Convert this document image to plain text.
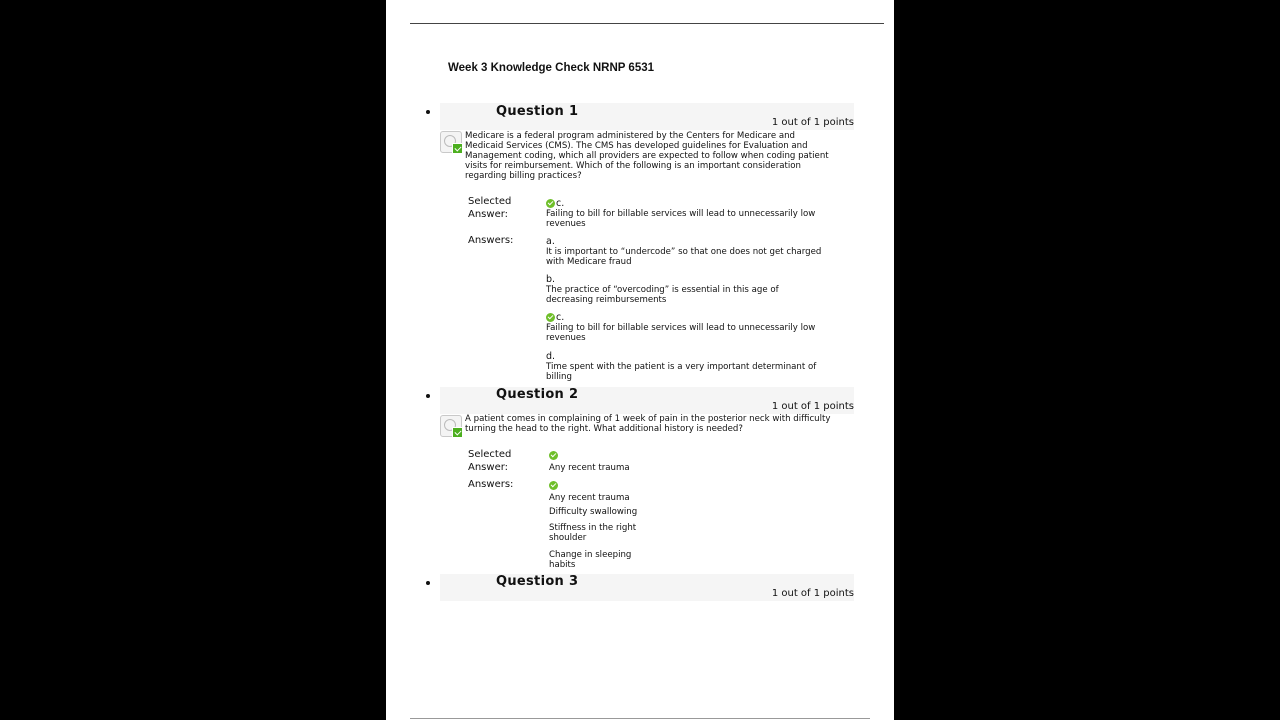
Week 3 Knowledge Check NRNP 6531
Question 1
1 out of 1 points
Medicare is a federal program administered by the Centers for Medicare and Medicaid Services (CMS). The CMS has developed guidelines for Evaluation and Management coding, which all providers are expected to follow when coding patient visits for reimbursement. Which of the following is an important consideration regarding billing practices?
Selected
Answer:
c.
Failing to bill for billable services will lead to unnecessarily low revenues
Answers:	a.
It is important to “undercode” so that one does not get charged with Medicare fraud
b.
The practice of “overcoding” is essential in this age of decreasing reimbursements
c.
Failing to bill for billable services will lead to unnecessarily low revenues
d.
Time spent with the patient is a very important determinant of billing
Question 2
1 out of 1 points
A patient comes in complaining of 1 week of pain in the posterior neck with difficulty turning the head to the right. What additional history is needed?
Selected
Answer:	Any recent trauma
Answers:
Any recent trauma
Difficulty swallowing
Stiffness in the right shoulder
Change in sleeping habits
Question 3
1 out of 1 points
